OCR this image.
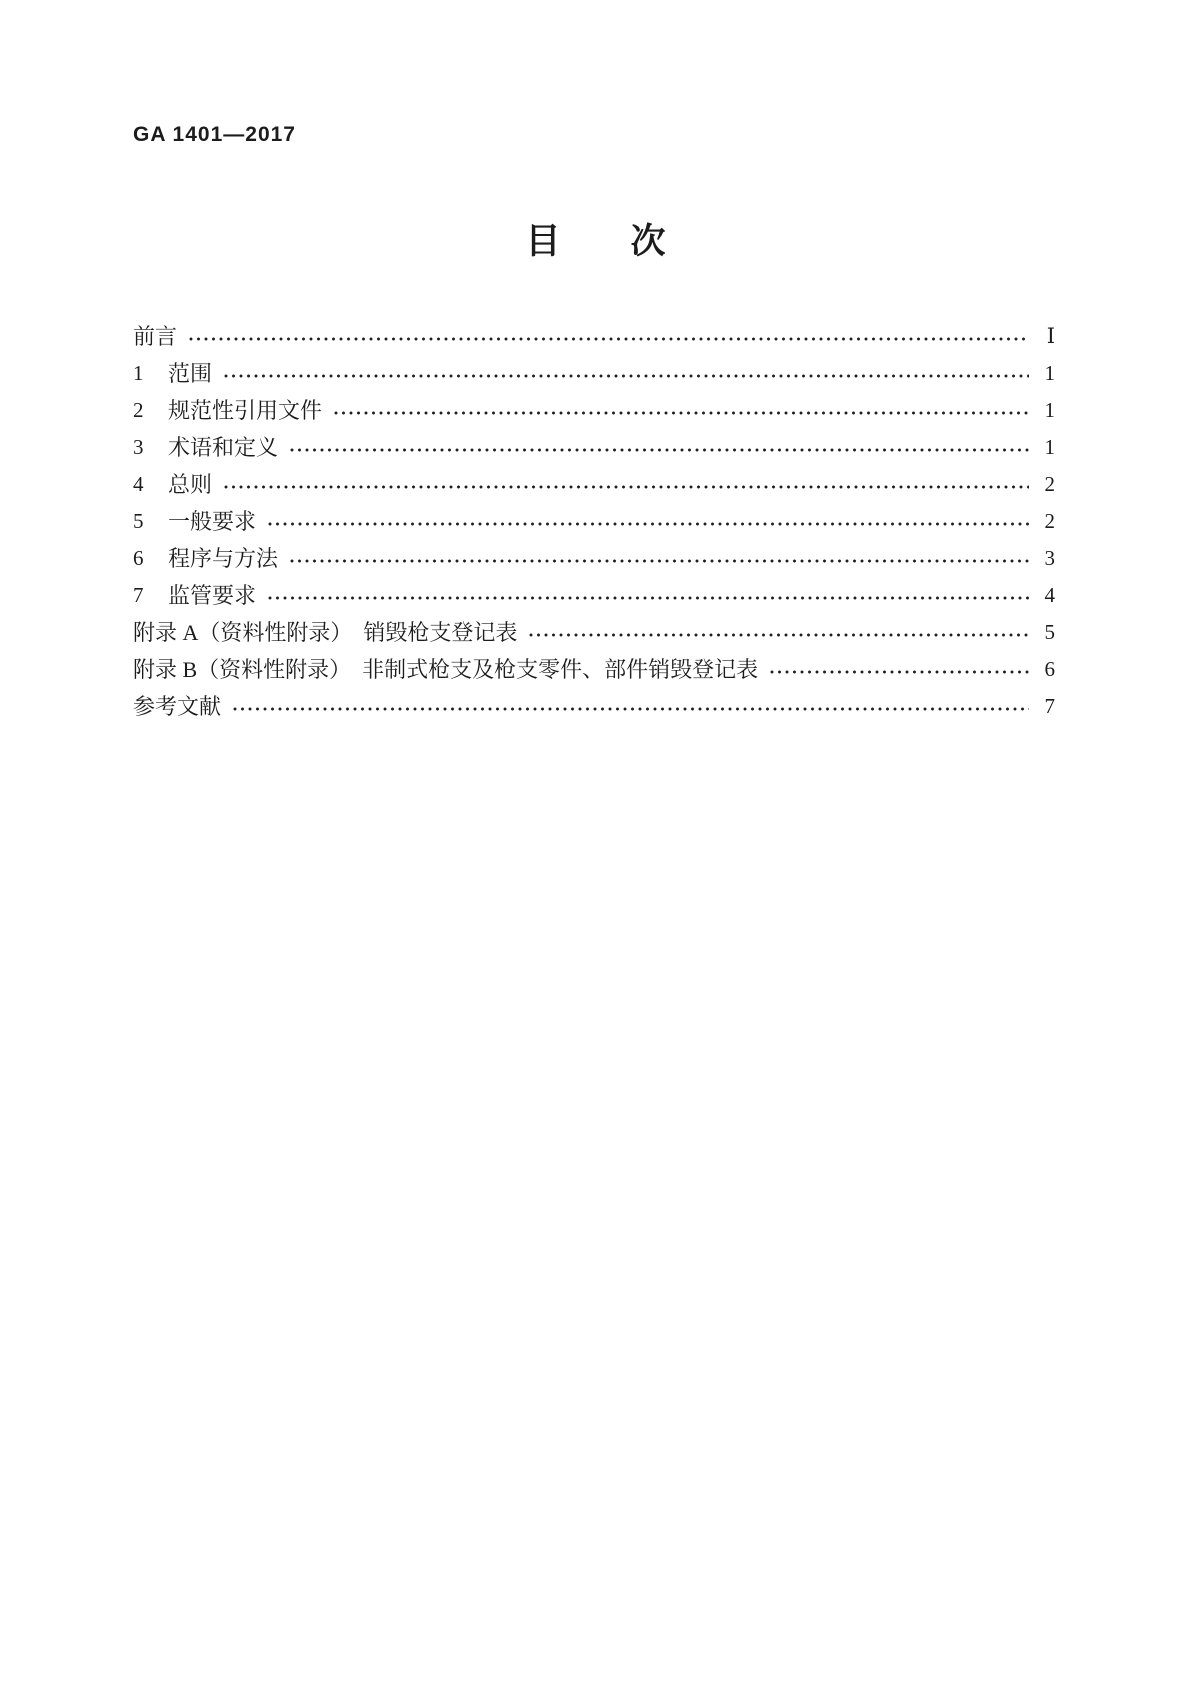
GA 1401—2017
目　　次
前言	Ⅰ
1	范围	1
2	规范性引用文件	1
3	术语和定义	1
4	总则	2
5	一般要求	2
6	程序与方法	3
7	监管要求	4
附录 A（资料性附录）　销毁枪支登记表	5
附录 B（资料性附录）　非制式枪支及枪支零件、部件销毁登记表	6
参考文献	7
